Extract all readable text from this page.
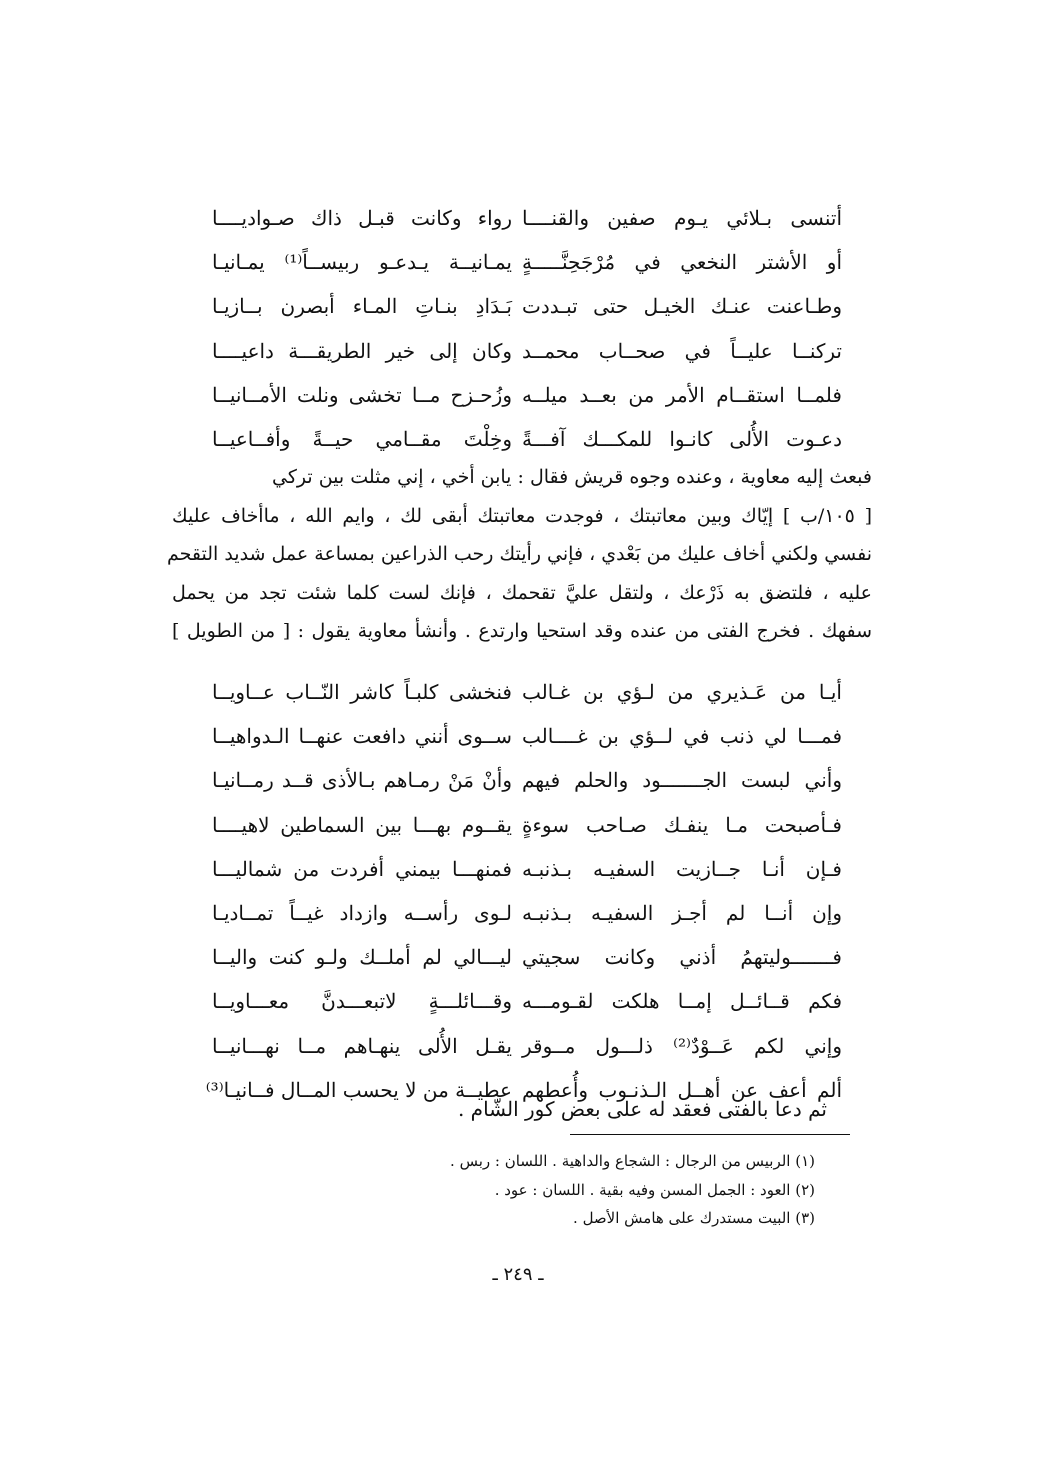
أتنسى بـلائي يـوم صفين والقنــــا
رواء وكانت قبـل ذاك صـواديــــا
أو الأشتر النخعي في مُرْجَحِنَّـــــةٍ
يمـانيــة يـدعـو ربيســاً⁽¹⁾ يمـانيـا
وطـاعنت عنـك الخيـل حتى تبـددت
بَـدَادِ بنـاتِ المـاء أبصرن بــازيـا
تركنــا عليــاً في صحــاب محمــد
وكان إلى خير الطريقـــة داعيــــا
فلمــا استقــام الأمر من بعــد ميلــه
وزُحـزح مــا تخشى ونلت الأمــانيــا
دعـوت الأُلى كانـوا للمكـــك آفـــةً
وخِلْتَ مقــامي حيــةً وأفــاعيــا
فبعث إليه معاوية ، وعنده وجوه قريش فقال : يابن أخي ، إني مثلت بين تركي
[ ١٠٥/ب ] إيّاك وبين معاتبتك ، فوجدت معاتبتك أبقى لك ، وايم الله ، ماأخاف عليك
نفسي ولكني أخاف عليك من بَعْدي ، فإني رأيتك رحب الذراعين بمساعة عمل شديد التقحم
عليه ، فلتضق به ذَرْعك ، ولتقل عليَّ تقحمك ، فإنك لست كلما شئت تجد من يحمل
سفهك . فخرج الفتى من عنده وقد استحيا وارتدع . وأنشأ معاوية يقول : [ من الطويل ]
أيـا من عَـذيري من لـؤي بن غـالب
فنخشى كلبـاً كاشر النّــاب عــاويــا
فمـــا لي ذنب في لــؤي بن غــــالب
ســوى أنني دافعت عنهــا الـدواهيــا
وأني لبست الجـــــــود والحلم فيهم
وأنْ مَنْ رمـاهم بـالأذى قــد رمــانيـا
فـأصبحت مـا ينفـك صـاحب سوءةٍ
يقــوم بهـــا بين السماطين لاهيــــا
فـإن أنـا جــازيت السفيـه بـذنبـه
فمنهـــا بيمني أفردت من شماليـــا
وإن أنــا لم أجـز السفيـه بـذنبـه
لـوى رأســه وازداد غيــاً تمــاديـا
فـــــــوليتهمُ أذني وكانت سجيتي
ليـــالي لم أملــك ولـو كنت واليــا
فكم قــائــل إمــا هلكت لقـومـــه
وقـــائلـــةٍ لاتبعـــدنَّ معـــاويــا
وإني لكم عَــوْدٌ⁽²⁾ ذلـــول مــوقر
يقـل الأُلى ينهـاهم مــا نهـــانيــا
ألم أعف عن أهــل الـذنـوب وأُعطهم
عطيــة من لا يحسب المــال فــانيـا⁽³⁾
ثم دعا بالفتى فعقد له على بعض كور الشّام .
(١) الربيس من الرجال : الشجاع والداهية . اللسان : ربس .
(٢) العود : الجمل المسن وفيه بقية . اللسان : عود .
(٣) البيت مستدرك على هامش الأصل .
ـ ٢٤٩ ـ
